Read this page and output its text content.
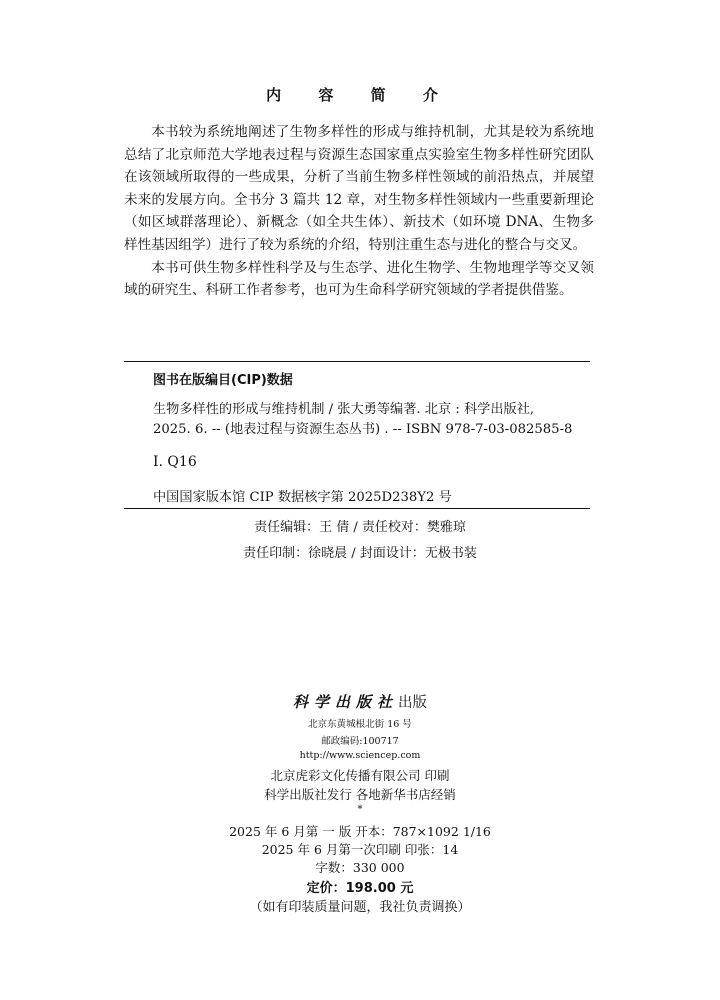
内 容 简 介

本书较为系统地阐述了生物多样性的形成与维持机制，尤其是较为系统地总结了北京师范大学地表过程与资源生态国家重点实验室生物多样性研究团队在该领域所取得的一些成果，分析了当前生物多样性领域的前沿热点，并展望未来的发展方向。全书分 3 篇共 12 章，对生物多样性领域内一些重要新理论（如区域群落理论）、新概念（如全共生体）、新技术（如环境 DNA、生物多样性基因组学）进行了较为系统的介绍，特别注重生态与进化的整合与交叉。

本书可供生物多样性科学及与生态学、进化生物学、生物地理学等交叉领域的研究生、科研工作者参考，也可为生命科学研究领域的学者提供借鉴。

图书在版编目(CIP)数据
生物多样性的形成与维持机制 / 张大勇等编著. 北京 : 科学出版社,
2025. 6. -- (地表过程与资源生态丛书) . -- ISBN 978-7-03-082585-8
Ⅰ. Q16
中国国家版本馆 CIP 数据核字第 2025D238Y2 号
责任编辑：王 倩 / 责任校对：樊雅琼
责任印制：徐晓晨 / 封面设计：无极书装
科学出版社出版
北京东黄城根北街 16 号
邮政编码:100717
http://www.sciencep.com
北京虎彩文化传播有限公司 印刷
科学出版社发行 各地新华书店经销
*
2025 年 6 月第 一 版 开本：787×1092 1/16
2025 年 6 月第一次印刷 印张：14
字数：330 000
定价：198.00 元
（如有印装质量问题，我社负责调换）
